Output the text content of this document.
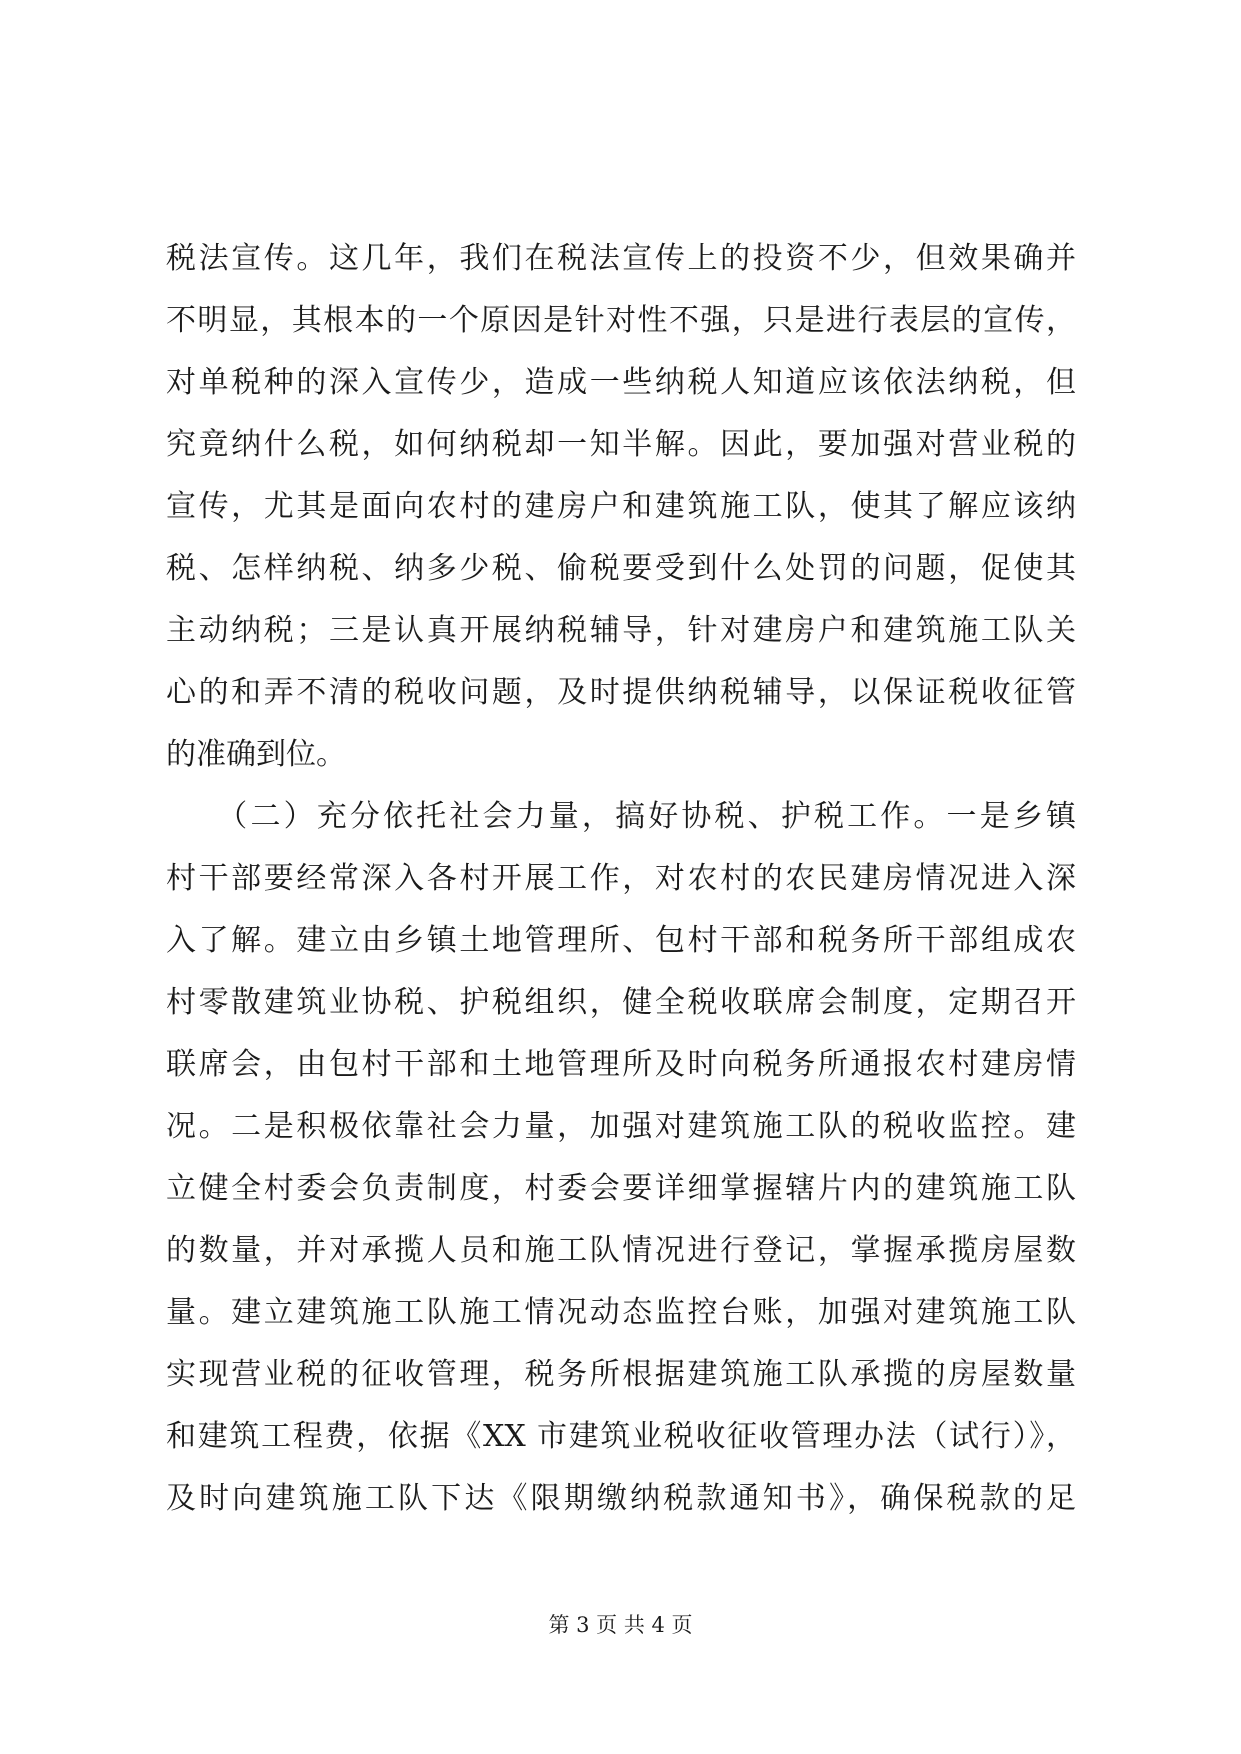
税法宣传。这几年，我们在税法宣传上的投资不少，但效果确并
不明显，其根本的一个原因是针对性不强，只是进行表层的宣传，
对单税种的深入宣传少，造成一些纳税人知道应该依法纳税，但
究竟纳什么税，如何纳税却一知半解。因此，要加强对营业税的
宣传，尤其是面向农村的建房户和建筑施工队，使其了解应该纳
税、怎样纳税、纳多少税、偷税要受到什么处罚的问题，促使其
主动纳税；三是认真开展纳税辅导，针对建房户和建筑施工队关
心的和弄不清的税收问题，及时提供纳税辅导，以保证税收征管
的准确到位。
　　（二）充分依托社会力量，搞好协税、护税工作。一是乡镇
村干部要经常深入各村开展工作，对农村的农民建房情况进入深
入了解。建立由乡镇土地管理所、包村干部和税务所干部组成农
村零散建筑业协税、护税组织，健全税收联席会制度，定期召开
联席会，由包村干部和土地管理所及时向税务所通报农村建房情
况。二是积极依靠社会力量，加强对建筑施工队的税收监控。建
立健全村委会负责制度，村委会要详细掌握辖片内的建筑施工队
的数量，并对承揽人员和施工队情况进行登记，掌握承揽房屋数
量。建立建筑施工队施工情况动态监控台账，加强对建筑施工队
实现营业税的征收管理，税务所根据建筑施工队承揽的房屋数量
和建筑工程费，依据《XX 市建筑业税收征收管理办法（试行）》，
及时向建筑施工队下达《限期缴纳税款通知书》，确保税款的足
第 3 页 共 4 页
